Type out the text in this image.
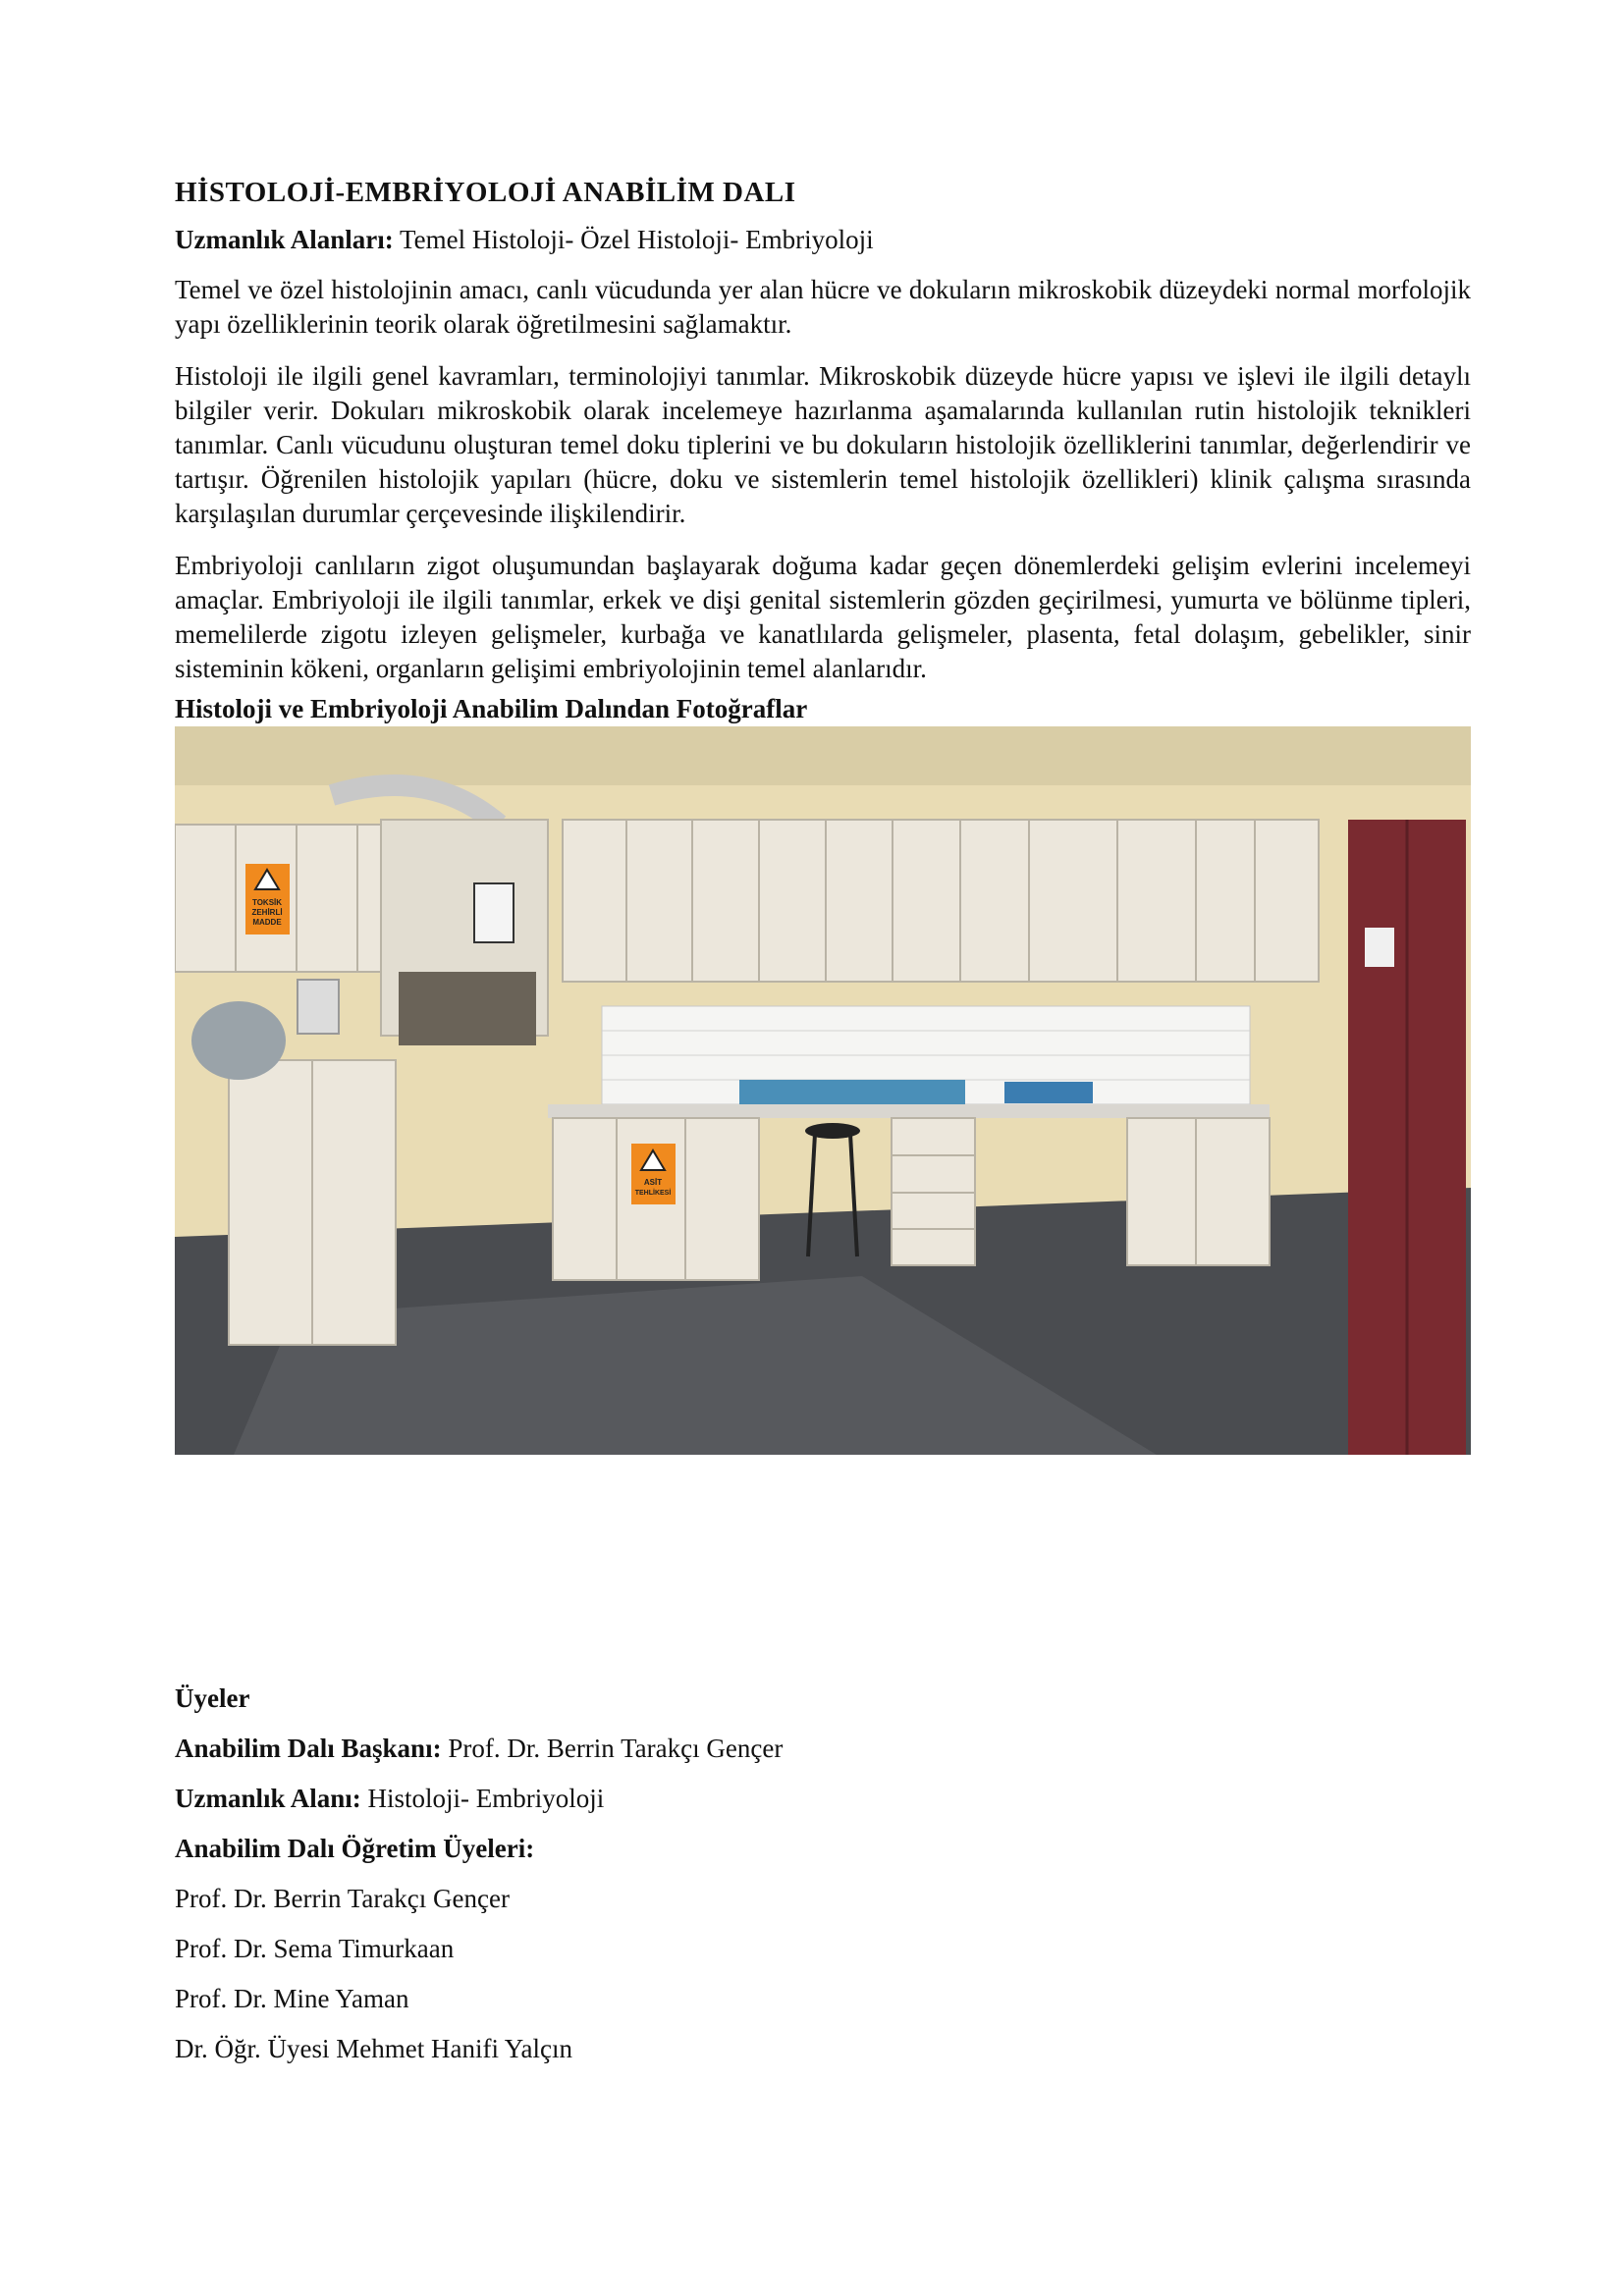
HİSTOLOJİ-EMBRİYOLOJİ ANABİLİM DALI
Uzmanlık Alanları: Temel Histoloji- Özel Histoloji- Embriyoloji

Temel ve özel histolojinin amacı, canlı vücudunda yer alan hücre ve dokuların mikroskobik düzeydeki normal morfolojik yapı özelliklerinin teorik olarak öğretilmesini sağlamaktır.

Histoloji ile ilgili genel kavramları, terminolojiyi tanımlar. Mikroskobik düzeyde hücre yapısı ve işlevi ile ilgili detaylı bilgiler verir. Dokuları mikroskobik olarak incelemeye hazırlanma aşamalarında kullanılan rutin histolojik teknikleri tanımlar. Canlı vücudunu oluşturan temel doku tiplerini ve bu dokuların histolojik özelliklerini tanımlar, değerlendirir ve tartışır. Öğrenilen histolojik yapıları (hücre, doku ve sistemlerin temel histolojik özellikleri) klinik çalışma sırasında karşılaşılan durumlar çerçevesinde ilişkilendirir.

Embriyoloji canlıların zigot oluşumundan başlayarak doğuma kadar geçen dönemlerdeki gelişim evlerini incelemeyi amaçlar. Embriyoloji ile ilgili tanımlar, erkek ve dişi genital sistemlerin gözden geçirilmesi, yumurta ve bölünme tipleri, memelilerde zigotu izleyen gelişmeler, kurbağa ve kanatlılarda gelişmeler, plasenta, fetal dolaşım, gebelikler, sinir sisteminin kökeni, organların gelişimi embriyolojinin temel alanlarıdır.

Histoloji ve Embriyoloji Anabilim Dalından Fotoğraflar
TOKSİK
ZEHİRLİ
MADDE
ASİT
TEHLİKESİ
Üyeler
Anabilim Dalı Başkanı: Prof. Dr. Berrin Tarakçı Gençer
Uzmanlık Alanı: Histoloji- Embriyoloji
Anabilim Dalı Öğretim Üyeleri:
Prof. Dr. Berrin Tarakçı Gençer
Prof. Dr. Sema Timurkaan
Prof. Dr. Mine Yaman
Dr. Öğr. Üyesi Mehmet Hanifi Yalçın
